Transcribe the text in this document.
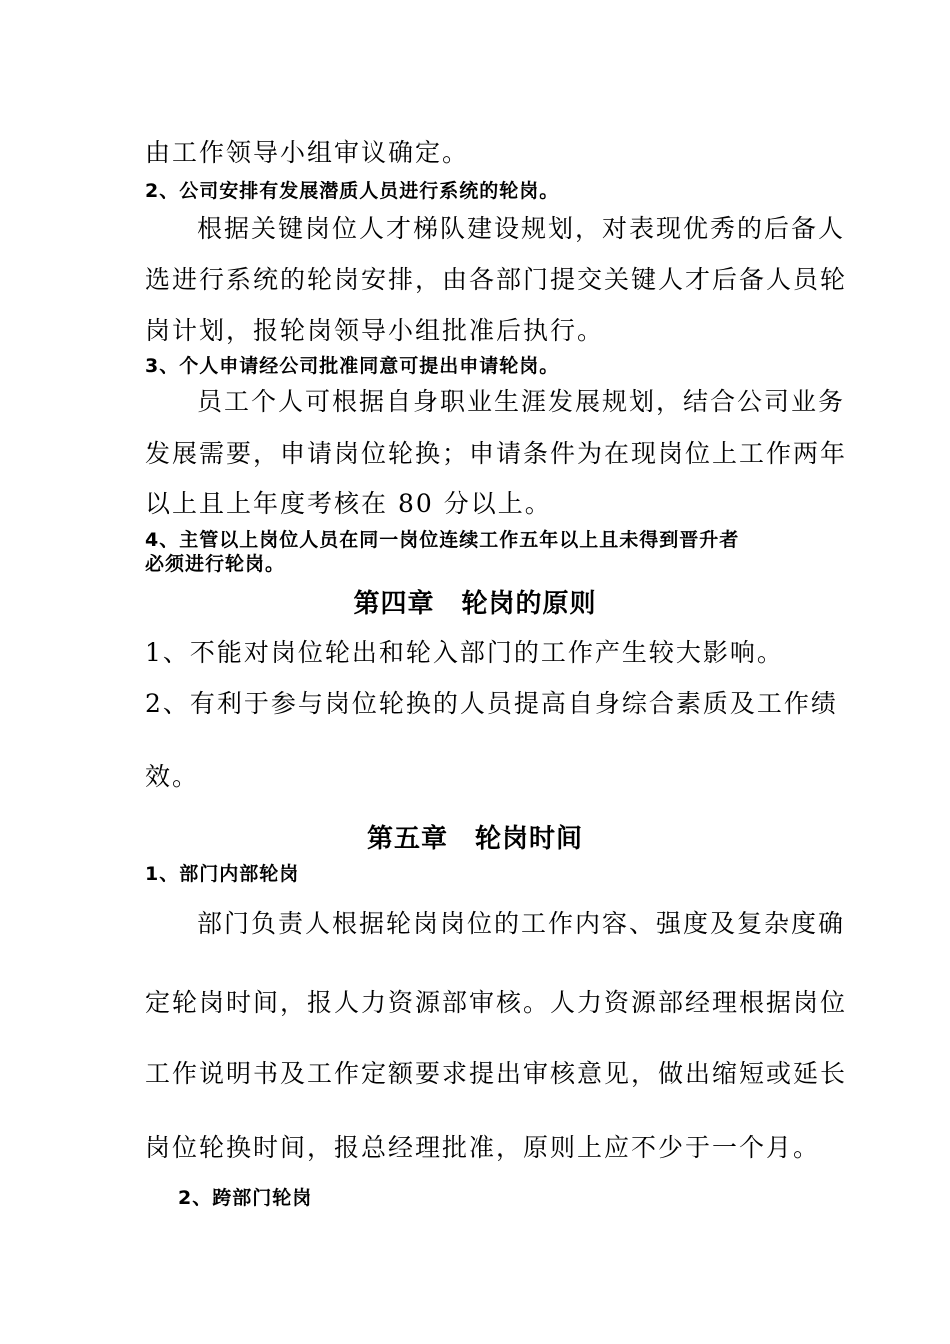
由工作领导小组审议确定。

2、公司安排有发展潜质人员进行系统的轮岗。

根据关键岗位人才梯队建设规划，对表现优秀的后备人

选进行系统的轮岗安排，由各部门提交关键人才后备人员轮

岗计划，报轮岗领导小组批准后执行。

3、个人申请经公司批准同意可提出申请轮岗。

员工个人可根据自身职业生涯发展规划，结合公司业务

发展需要，申请岗位轮换；申请条件为在现岗位上工作两年

以上且上年度考核在 80 分以上。

4、主管以上岗位人员在同一岗位连续工作五年以上且未得到晋升者

必须进行轮岗。

第四章　轮岗的原则

1、不能对岗位轮出和轮入部门的工作产生较大影响。

2、有利于参与岗位轮换的人员提高自身综合素质及工作绩

效。

第五章　轮岗时间

1、部门内部轮岗

部门负责人根据轮岗岗位的工作内容、强度及复杂度确

定轮岗时间，报人力资源部审核。人力资源部经理根据岗位

工作说明书及工作定额要求提出审核意见，做出缩短或延长

岗位轮换时间，报总经理批准，原则上应不少于一个月。

2、跨部门轮岗
